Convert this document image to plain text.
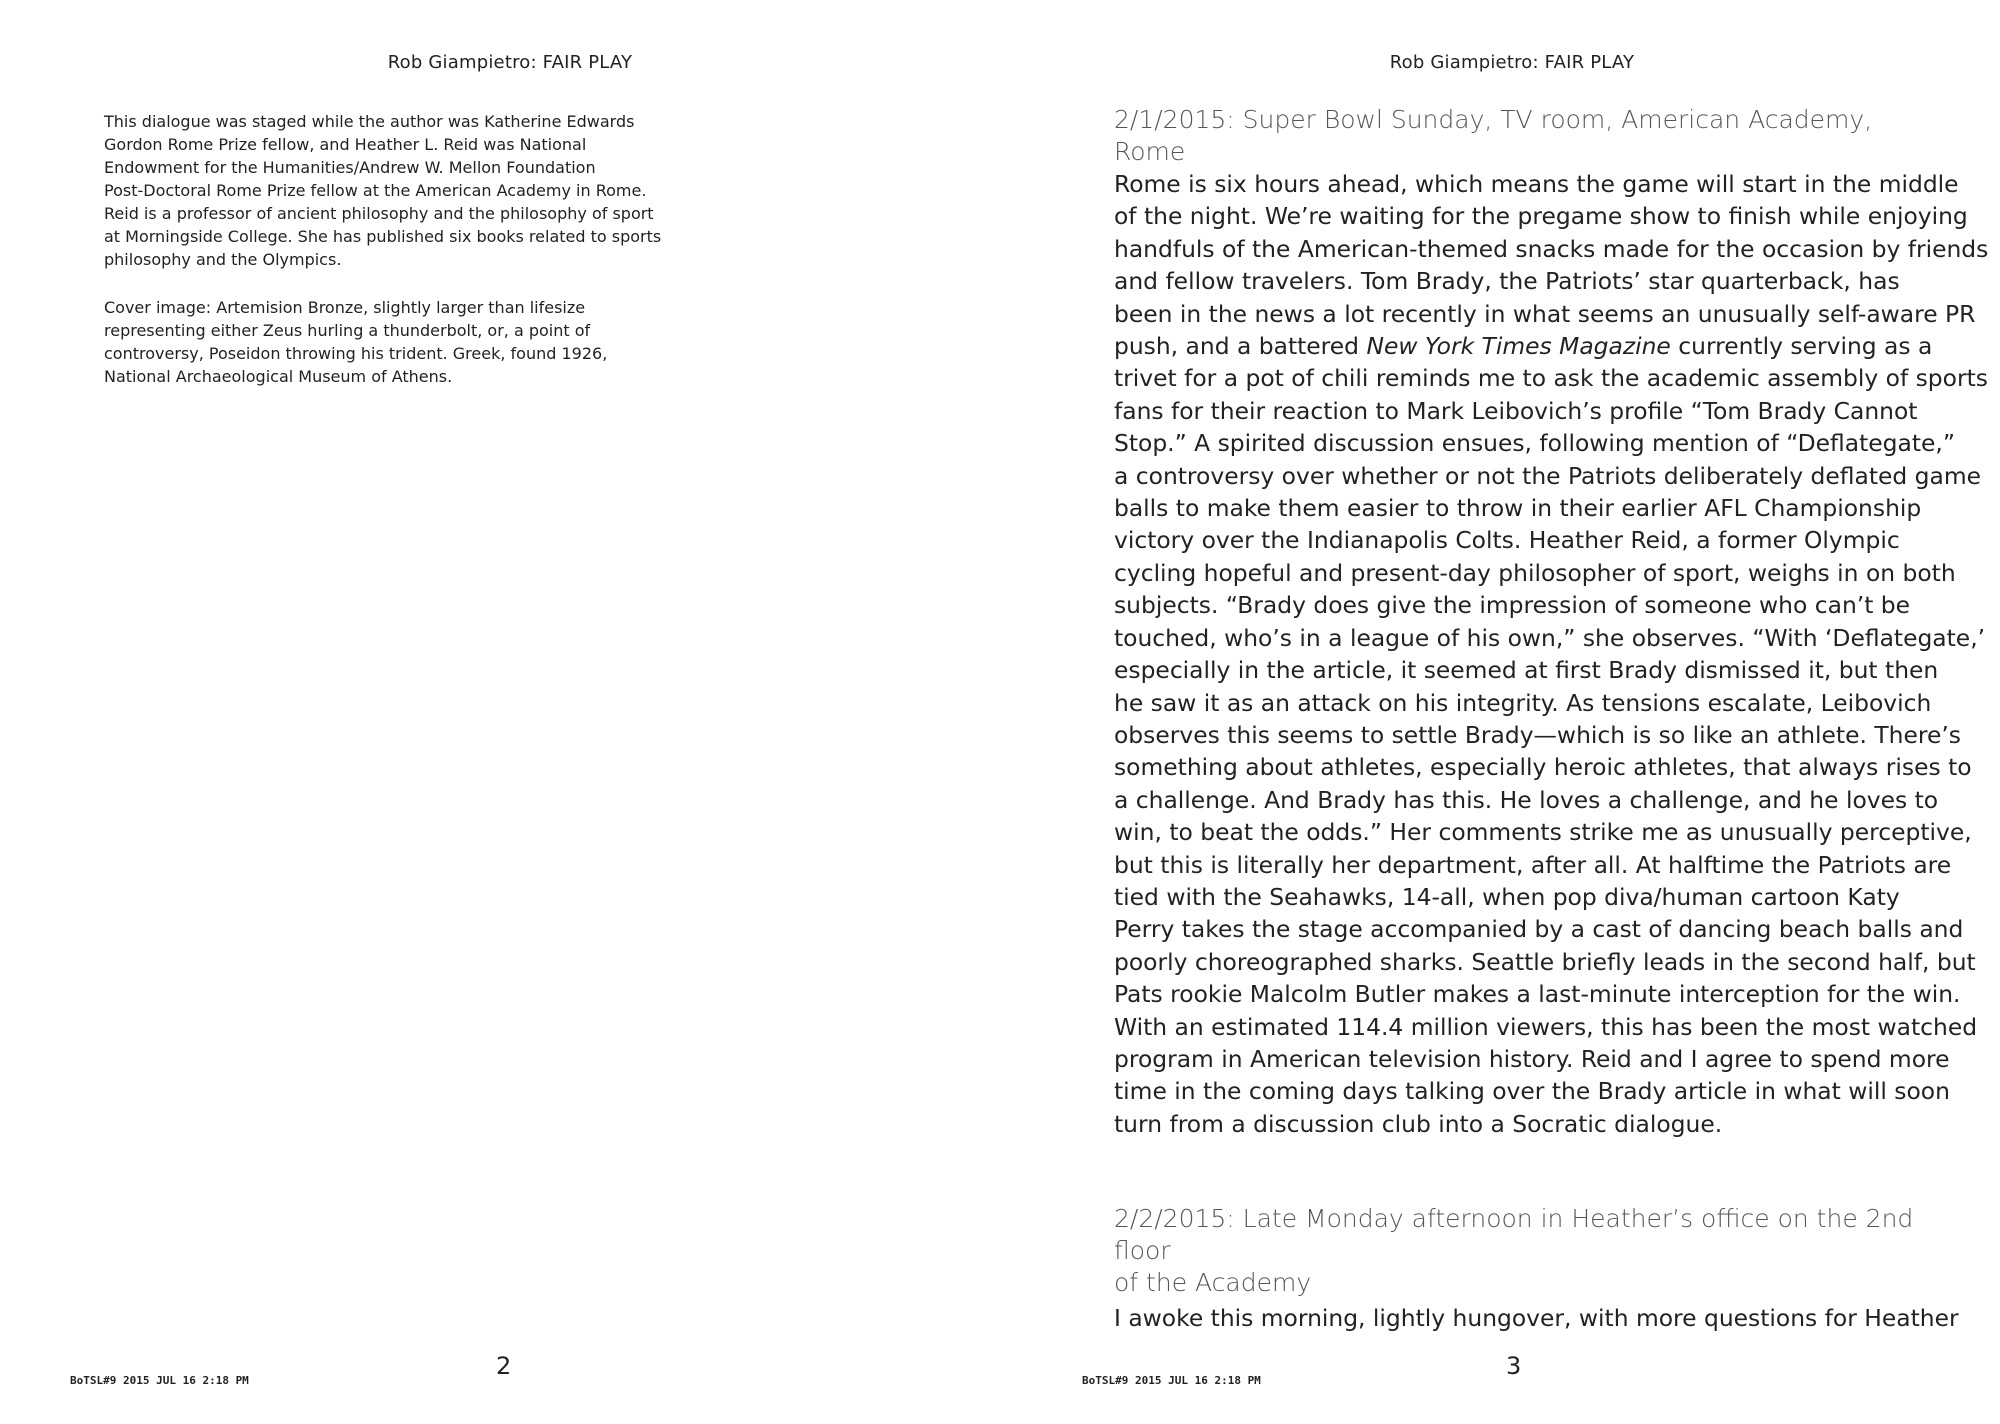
Rob Giampietro: FAIR PLAY
This dialogue was staged while the author was Katherine Edwards
Gordon Rome Prize fellow, and Heather L. Reid was National
Endowment for the Humanities/Andrew W. Mellon Foundation
Post-Doctoral Rome Prize fellow at the American Academy in Rome.
Reid is a professor of ancient philosophy and the philosophy of sport
at Morningside College. She has published six books related to sports
philosophy and the Olympics.
Cover image: Artemision Bronze, slightly larger than lifesize
representing either Zeus hurling a thunderbolt, or, a point of
controversy, Poseidon throwing his trident. Greek, found 1926,
National Archaeological Museum of Athens.
2
BoTSL#9 2015 JUL 16 2:18 PM
Rob Giampietro: FAIR PLAY
2/1/2015: Super Bowl Sunday, TV room, American Academy, Rome
Rome is six hours ahead, which means the game will start in the middle
of the night. We’re waiting for the pregame show to finish while enjoying
handfuls of the American-themed snacks made for the occasion by friends
and fellow travelers. Tom Brady, the Patriots’ star quarterback, has
been in the news a lot recently in what seems an unusually self-aware PR
push, and a battered New York Times Magazine currently serving as a
trivet for a pot of chili reminds me to ask the academic assembly of sports
fans for their reaction to Mark Leibovich’s profile “Tom Brady Cannot
Stop.” A spirited discussion ensues, following mention of “Deflategate,”
a controversy over whether or not the Patriots deliberately deflated game
balls to make them easier to throw in their earlier AFL Championship
victory over the Indianapolis Colts. Heather Reid, a former Olympic
cycling hopeful and present-day philosopher of sport, weighs in on both
subjects. “Brady does give the impression of someone who can’t be
touched, who’s in a league of his own,” she observes. “With ‘Deflategate,’
especially in the article, it seemed at first Brady dismissed it, but then
he saw it as an attack on his integrity. As tensions escalate, Leibovich
observes this seems to settle Brady—which is so like an athlete. There’s
something about athletes, especially heroic athletes, that always rises to
a challenge. And Brady has this. He loves a challenge, and he loves to
win, to beat the odds.” Her comments strike me as unusually perceptive,
but this is literally her department, after all. At halftime the Patriots are
tied with the Seahawks, 14-all, when pop diva/human cartoon Katy
Perry takes the stage accompanied by a cast of dancing beach balls and
poorly choreographed sharks. Seattle briefly leads in the second half, but
Pats rookie Malcolm Butler makes a last-minute interception for the win.
With an estimated 114.4 million viewers, this has been the most watched
program in American television history. Reid and I agree to spend more
time in the coming days talking over the Brady article in what will soon
turn from a discussion club into a Socratic dialogue.
2/2/2015: Late Monday afternoon in Heather’s office on the 2nd floor
of the Academy
I awoke this morning, lightly hungover, with more questions for Heather
3
BoTSL#9 2015 JUL 16 2:18 PM
